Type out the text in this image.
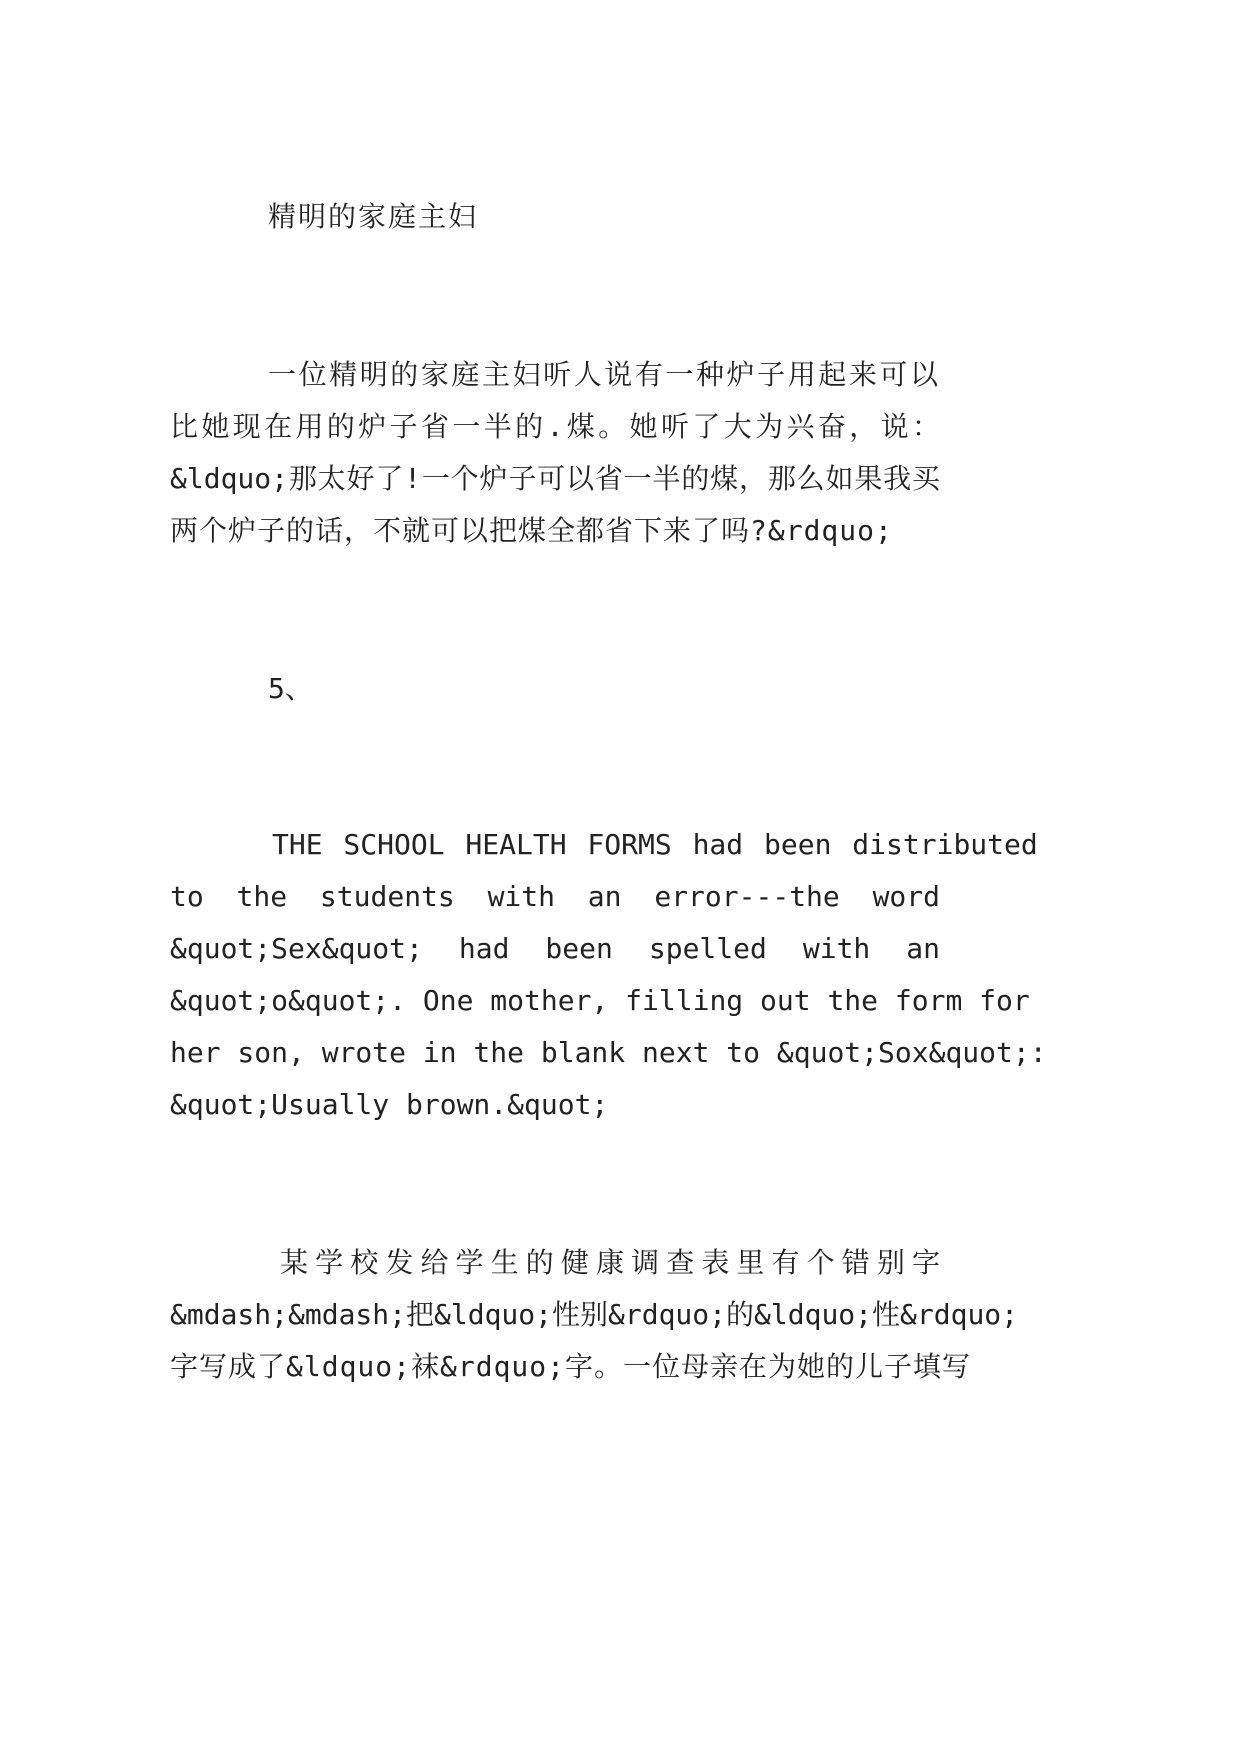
精明的家庭主妇
一位精明的家庭主妇听人说有一种炉子用起来可以
比她现在用的炉子省一半的.煤。她听了大为兴奋，说：
&ldquo;那太好了!一个炉子可以省一半的煤，那么如果我买
两个炉子的话，不就可以把煤全都省下来了吗?&rdquo;
5、
THE SCHOOL HEALTH FORMS had been distributed
to the students with an error---the word
&quot;Sex&quot; had been spelled with an
&quot;o&quot;. One mother, filling out the form for
her son, wrote in the blank next to &quot;Sox&quot;:
&quot;Usually brown.&quot;
某学校发给学生的健康调查表里有个错别字
&mdash;&mdash;把&ldquo;性别&rdquo;的&ldquo;性&rdquo;
字写成了&ldquo;袜&rdquo;字。一位母亲在为她的儿子填写
